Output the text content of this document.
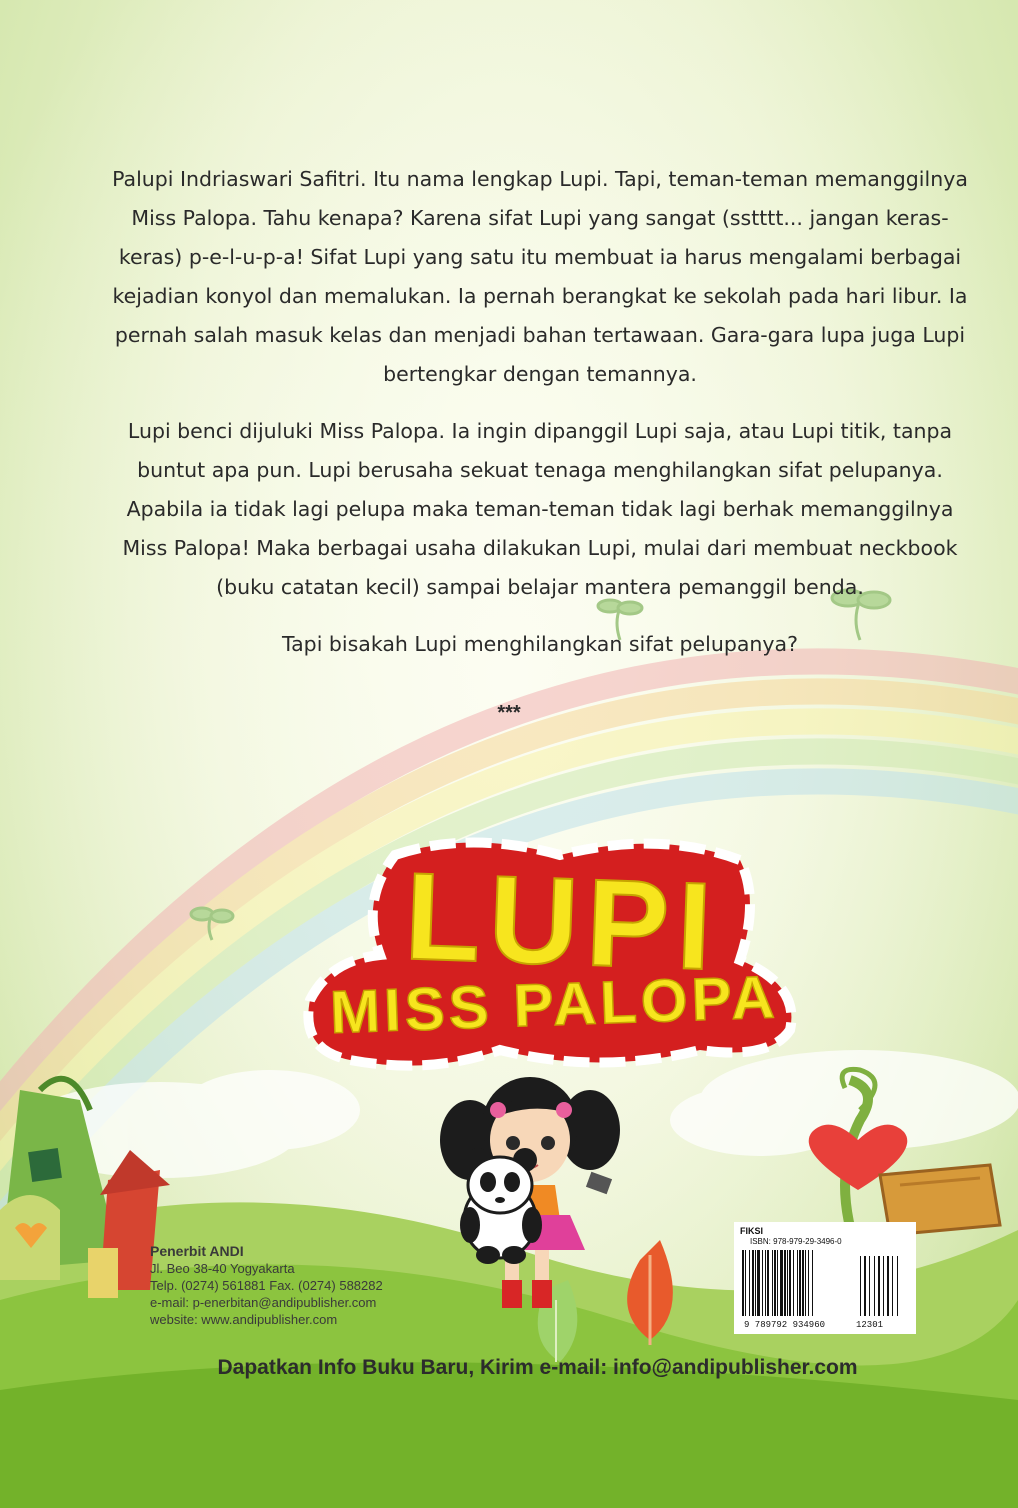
Palupi Indriaswari Safitri. Itu nama lengkap Lupi. Tapi, teman-teman memanggilnya Miss Palopa. Tahu kenapa? Karena sifat Lupi yang sangat (sstttt... jangan keras-keras) p-e-l-u-p-a! Sifat Lupi yang satu itu membuat ia harus mengalami berbagai kejadian konyol dan memalukan. Ia pernah berangkat ke sekolah pada hari libur. Ia pernah salah masuk kelas dan menjadi bahan tertawaan. Gara-gara lupa juga Lupi bertengkar dengan temannya.

Lupi benci dijuluki Miss Palopa. Ia ingin dipanggil Lupi saja, atau Lupi titik, tanpa buntut apa pun. Lupi berusaha sekuat tenaga menghilangkan sifat pelupanya. Apabila ia tidak lagi pelupa maka teman-teman tidak lagi berhak memanggilnya Miss Palopa! Maka berbagai usaha dilakukan Lupi, mulai dari membuat neckbook (buku catatan kecil) sampai belajar mantera pemanggil benda.

Tapi bisakah Lupi menghilangkan sifat pelupanya?

***
LUPI
MISS PALOPA
Penerbit ANDI
Jl. Beo 38-40 Yogyakarta
Telp. (0274) 561881 Fax. (0274) 588282
e-mail: p-enerbitan@andipublisher.com
website: www.andipublisher.com
FIKSI
ISBN: 978-979-29-3496-0
9 789792 934960	12301
Dapatkan Info Buku Baru, Kirim e-mail: info@andipublisher.com
